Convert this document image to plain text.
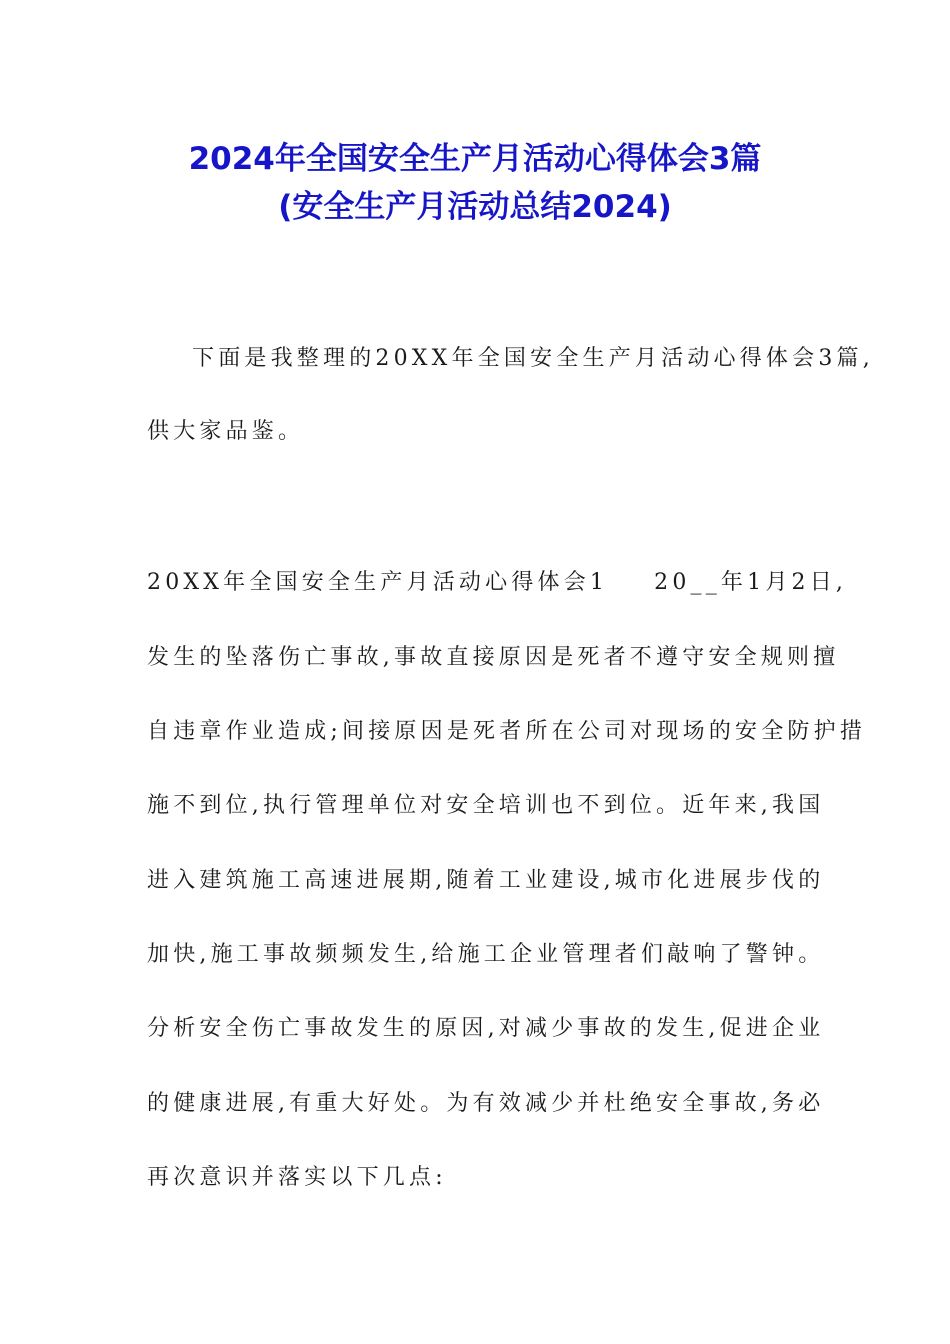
2024年全国安全生产月活动心得体会3篇
(安全生产月活动总结2024)
下面是我整理的20XX年全国安全生产月活动心得体会3篇,
供大家品鉴。
20XX年全国安全生产月活动心得体会1 20__年1月2日,
发生的坠落伤亡事故,事故直接原因是死者不遵守安全规则擅
自违章作业造成;间接原因是死者所在公司对现场的安全防护措
施不到位,执行管理单位对安全培训也不到位。近年来,我国
进入建筑施工高速进展期,随着工业建设,城市化进展步伐的
加快,施工事故频频发生,给施工企业管理者们敲响了警钟。
分析安全伤亡事故发生的原因,对减少事故的发生,促进企业
的健康进展,有重大好处。为有效减少并杜绝安全事故,务必
再次意识并落实以下几点:
